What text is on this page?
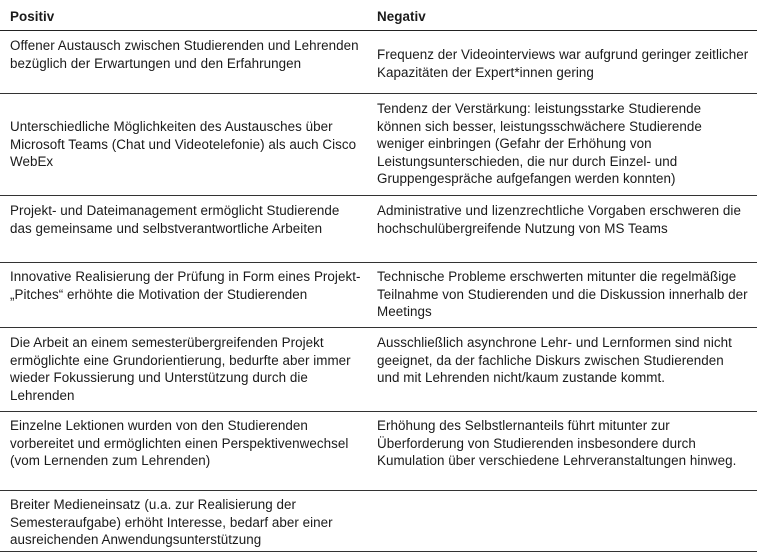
Positiv	Negativ
Offener Austausch zwischen Studierenden und Lehrenden bezüglich der Erwartungen und den Erfahrungen
Frequenz der Videointerviews war aufgrund geringer zeitlicher Kapazitäten der Expert*innen gering
Unterschiedliche Möglichkeiten des Austausches über Microsoft Teams (Chat und Videotelefonie) als auch Cisco WebEx
Tendenz der Verstärkung: leistungsstarke Studierende können sich besser, leistungsschwächere Studierende weniger einbringen (Gefahr der Erhöhung von Leistungsunterschieden, die nur durch Einzel- und Gruppengespräche aufgefangen werden konnten)
Projekt- und Dateimanagement ermöglicht Studierende das gemeinsame und selbstverantwortliche Arbeiten
Administrative und lizenzrechtliche Vorgaben erschweren die hochschulübergreifende Nutzung von MS Teams
Innovative Realisierung der Prüfung in Form eines Projekt-„Pitches“ erhöhte die Motivation der Studierenden
Technische Probleme erschwerten mitunter die regelmäßige Teilnahme von Studierenden und die Diskussion innerhalb der Meetings
Die Arbeit an einem semesterübergreifenden Projekt ermöglichte eine Grundorientierung, bedurfte aber immer wieder Fokussierung und Unterstützung durch die Lehrenden
Ausschließlich asynchrone Lehr- und Lernformen sind nicht geeignet, da der fachliche Diskurs zwischen Studierenden und mit Lehrenden nicht/kaum zustande kommt.
Einzelne Lektionen wurden von den Studierenden vorbereitet und ermöglichten einen Perspektivenwechsel (vom Lernenden zum Lehrenden)
Erhöhung des Selbstlernanteils führt mitunter zur Überforderung von Studierenden insbesondere durch Kumulation über verschiedene Lehrveranstaltungen hinweg.
Breiter Medieneinsatz (u.a. zur Realisierung der Semesteraufgabe) erhöht Interesse, bedarf aber einer ausreichenden Anwendungsunterstützung
